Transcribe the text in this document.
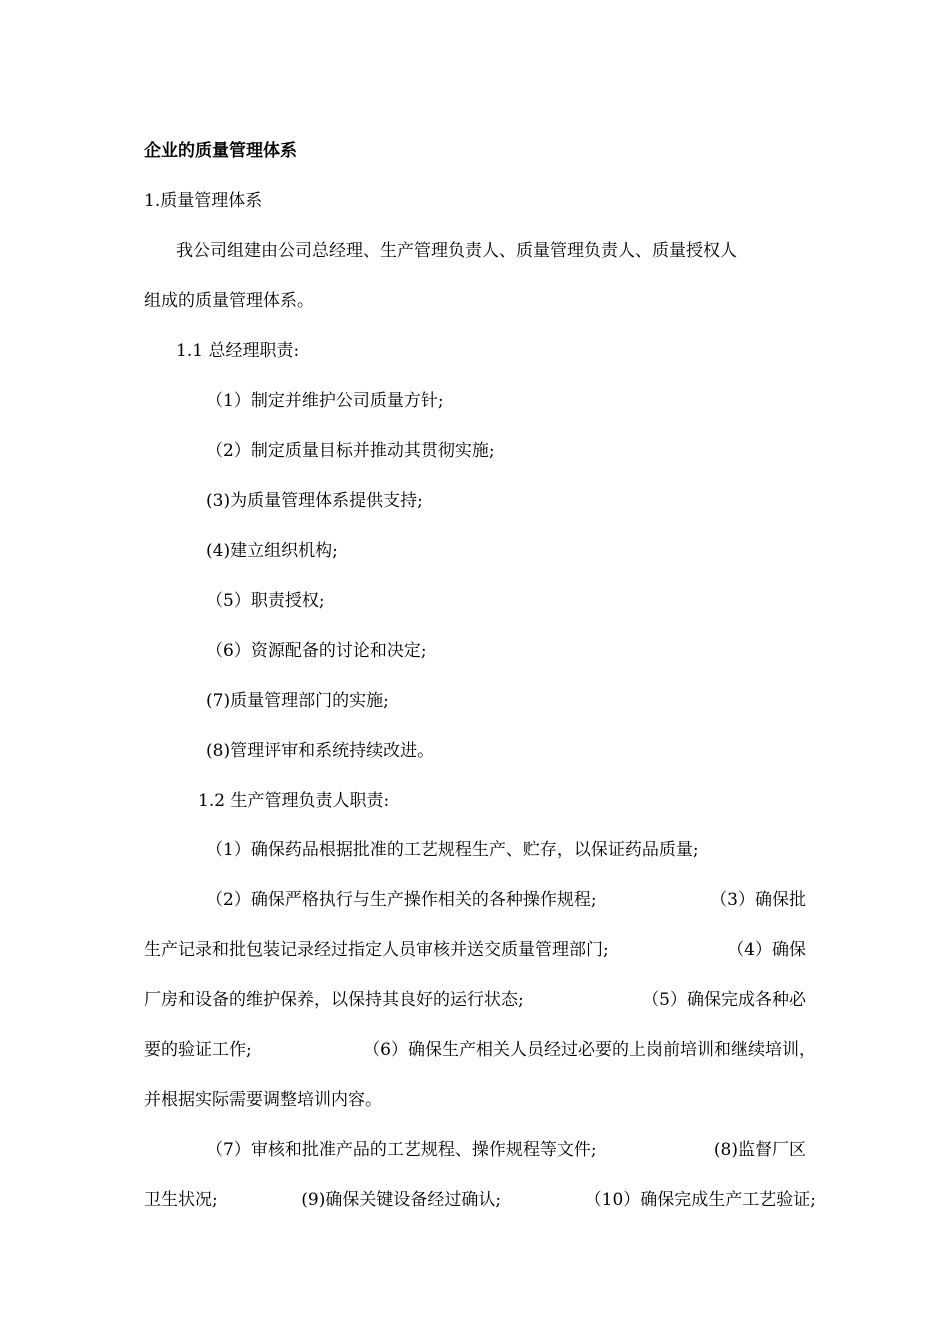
企业的质量管理体系
1.质量管理体系
我公司组建由公司总经理、生产管理负责人、质量管理负责人、质量授权人
组成的质量管理体系。
1.1 总经理职责:
（1）制定并维护公司质量方针;
（2）制定质量目标并推动其贯彻实施;
(3)为质量管理体系提供支持;
(4)建立组织机构;
（5）职责授权;
（6）资源配备的讨论和决定;
(7)质量管理部门的实施;
(8)管理评审和系统持续改进。
1.2 生产管理负责人职责:
（1）确保药品根据批准的工艺规程生产、贮存，以保证药品质量;
（2）确保严格执行与生产操作相关的各种操作规程;	（3）确保批
生产记录和批包装记录经过指定人员审核并送交质量管理部门;	（4）确保
厂房和设备的维护保养，以保持其良好的运行状态;	（5）确保完成各种必
要的验证工作;	（6）确保生产相关人员经过必要的上岗前培训和继续培训，
并根据实际需要调整培训内容。
（7）审核和批准产品的工艺规程、操作规程等文件;	(8)监督厂区
卫生状况;	(9)确保关键设备经过确认;	（10）确保完成生产工艺验证;
